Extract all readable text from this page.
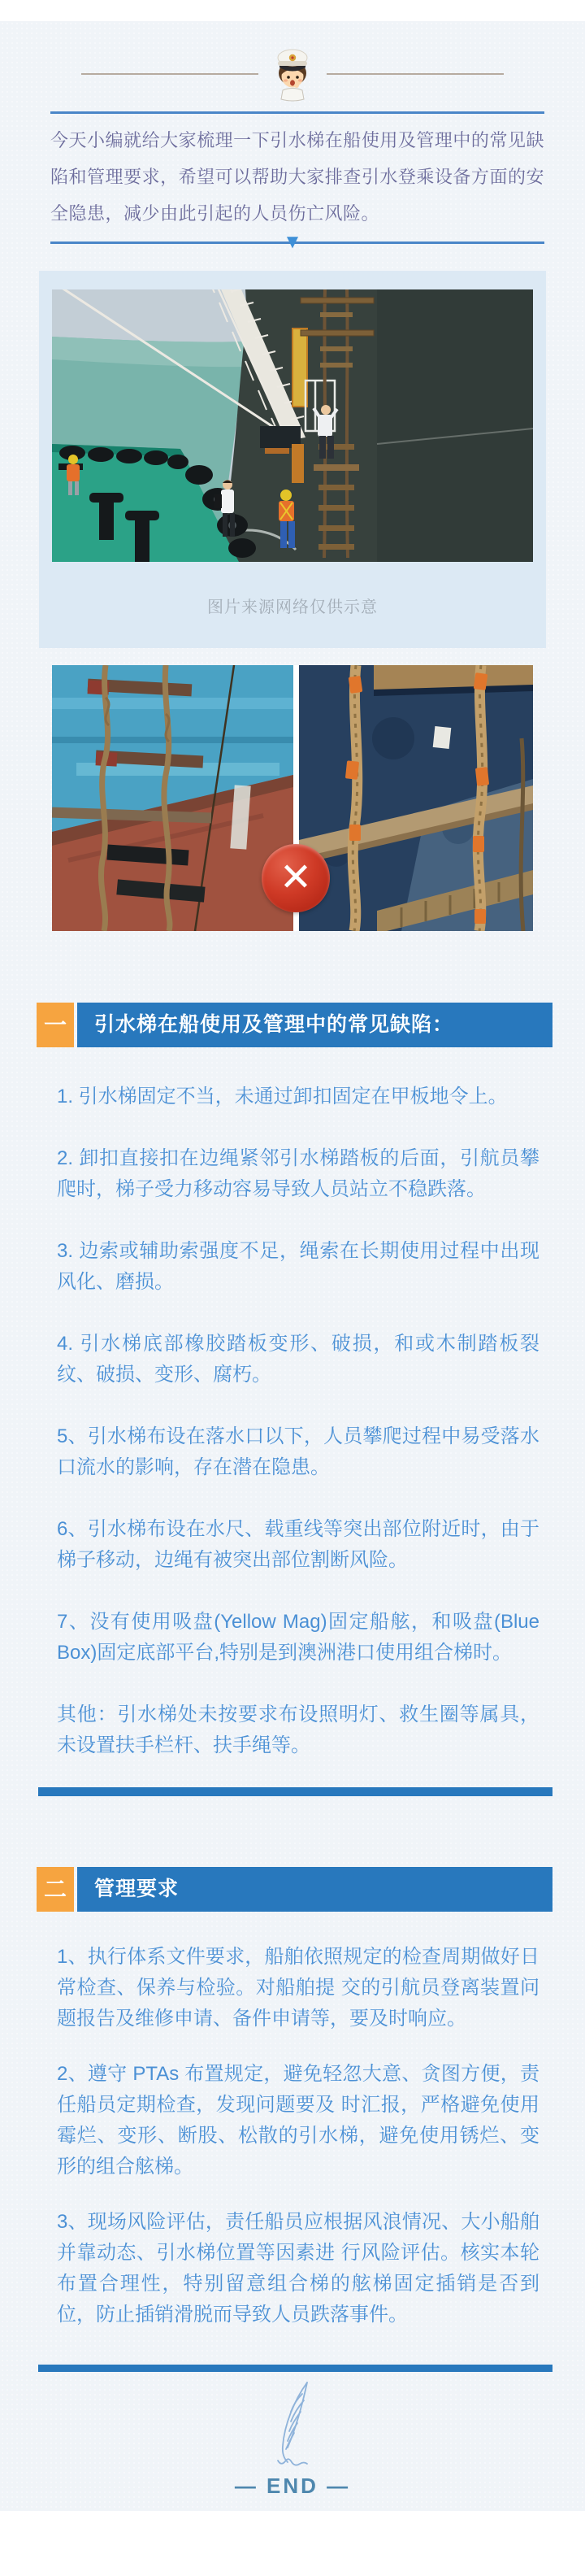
今天小编就给大家梳理一下引水梯在船使用及管理中的常见缺陷和管理要求，希望可以帮助大家排查引水登乘设备方面的安全隐患，减少由此引起的人员伤亡风险。

▼
图片来源网络仅供示意
✕
一	引水梯在船使用及管理中的常见缺陷：

1. 引水梯固定不当，未通过卸扣固定在甲板地令上。

2. 卸扣直接扣在边绳紧邻引水梯踏板的后面，引航员攀爬时，梯子受力移动容易导致人员站立不稳跌落。

3. 边索或辅助索强度不足，绳索在长期使用过程中出现风化、磨损。

4. 引水梯底部橡胶踏板变形、破损，和或木制踏板裂纹、破损、变形、腐朽。

5、引水梯布设在落水口以下，人员攀爬过程中易受落水口流水的影响，存在潜在隐患。

6、引水梯布设在水尺、载重线等突出部位附近时，由于梯子移动，边绳有被突出部位割断风险。

7、没有使用吸盘(Yellow Mag)固定船舷，和吸盘(Blue Box)固定底部平台,特别是到澳洲港口使用组合梯时。

其他：引水梯处未按要求布设照明灯、救生圈等属具，未设置扶手栏杆、扶手绳等。

二	管理要求

1、执行体系文件要求，船舶依照规定的检查周期做好日常检查、保养与检验。对船舶提 交的引航员登离装置问题报告及维修申请、备件申请等，要及时响应。

2、遵守 PTAs 布置规定，避免轻忽大意、贪图方便，责任船员定期检查，发现问题要及 时汇报，严格避免使用霉烂、变形、断股、松散的引水梯，避免使用锈烂、变形的组合舷梯。

3、现场风险评估，责任船员应根据风浪情况、大小船舶并靠动态、引水梯位置等因素进 行风险评估。核实本轮布置合理性，特别留意组合梯的舷梯固定插销是否到位，防止插销滑脱而导致人员跌落事件。

— END —
